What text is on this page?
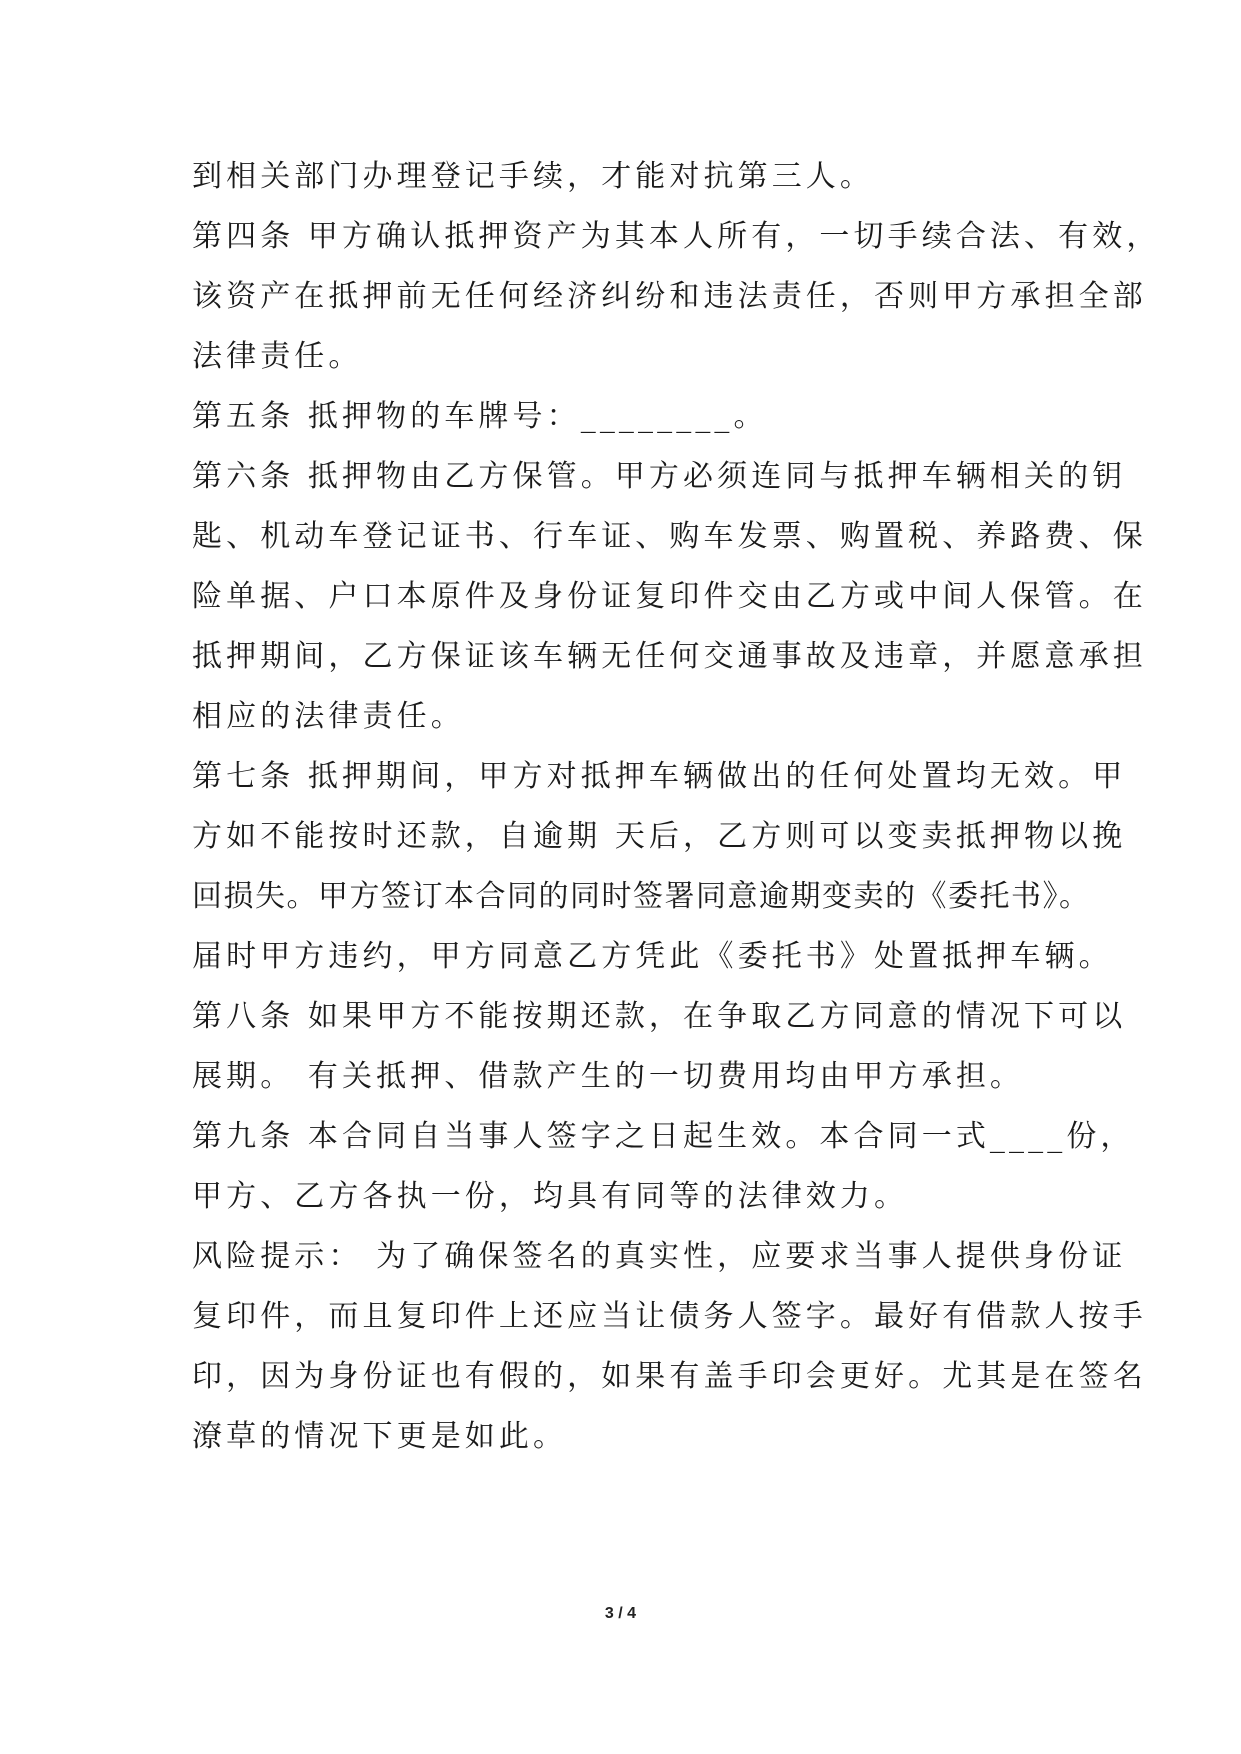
到相关部门办理登记手续，才能对抗第三人。
第四条 甲方确认抵押资产为其本人所有，一切手续合法、有效，
该资产在抵押前无任何经济纠纷和违法责任，否则甲方承担全部
法律责任。
第五条 抵押物的车牌号：________。
第六条 抵押物由乙方保管。甲方必须连同与抵押车辆相关的钥
匙、机动车登记证书、行车证、购车发票、购置税、养路费、保
险单据、户口本原件及身份证复印件交由乙方或中间人保管。在
抵押期间，乙方保证该车辆无任何交通事故及违章，并愿意承担
相应的法律责任。
第七条 抵押期间，甲方对抵押车辆做出的任何处置均无效。甲
方如不能按时还款，自逾期 天后，乙方则可以变卖抵押物以挽
回损失。甲方签订本合同的同时签署同意逾期变卖的《委托书》。
届时甲方违约，甲方同意乙方凭此《委托书》处置抵押车辆。
第八条 如果甲方不能按期还款，在争取乙方同意的情况下可以
展期。 有关抵押、借款产生的一切费用均由甲方承担。
第九条 本合同自当事人签字之日起生效。本合同一式____份，
甲方、乙方各执一份，均具有同等的法律效力。
风险提示： 为了确保签名的真实性，应要求当事人提供身份证
复印件，而且复印件上还应当让债务人签字。最好有借款人按手
印，因为身份证也有假的，如果有盖手印会更好。尤其是在签名
潦草的情况下更是如此。
3 / 4
